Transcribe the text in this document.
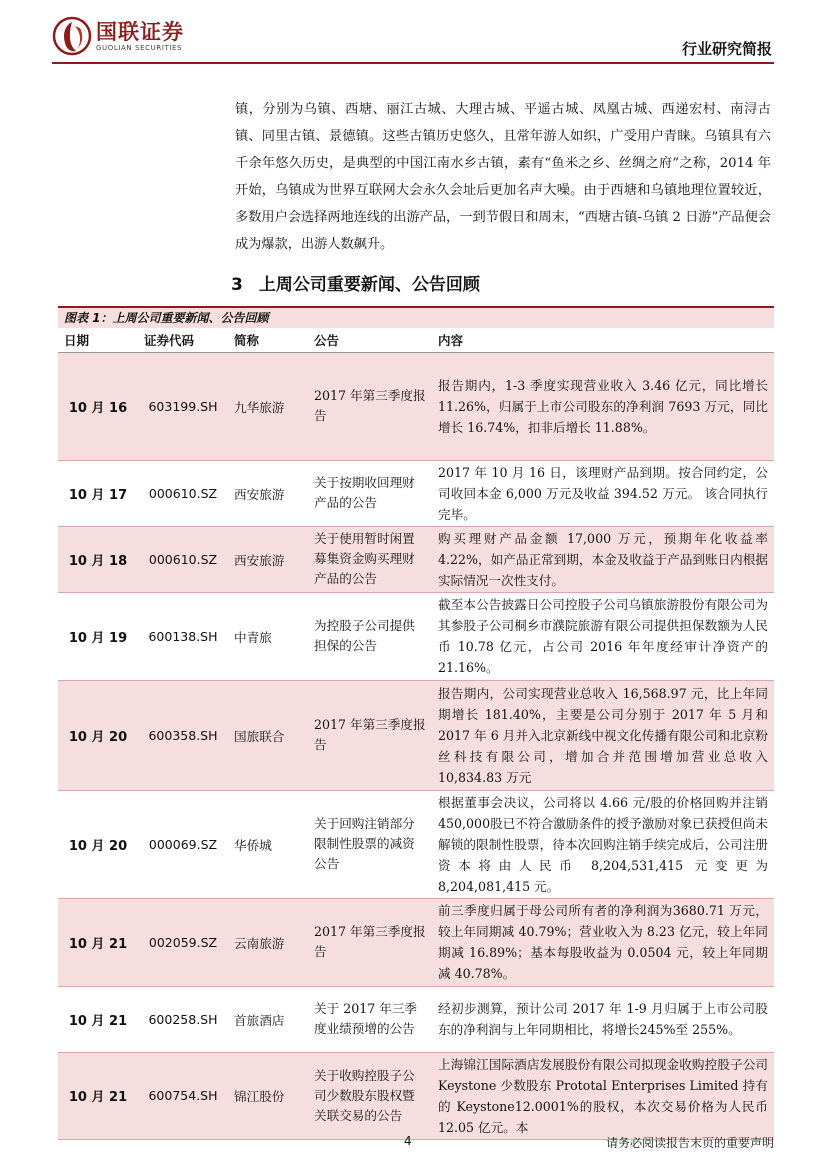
国联证券
GUOLIAN SECURITIES	行业研究简报

镇，分别为乌镇、西塘、丽江古城、大理古城、平遥古城、凤凰古城、西递宏村、南浔古镇、同里古镇、景德镇。这些古镇历史悠久，且常年游人如织，广受用户青睐。乌镇具有六千余年悠久历史，是典型的中国江南水乡古镇，素有“鱼米之乡、丝绸之府”之称，2014 年开始，乌镇成为世界互联网大会永久会址后更加名声大噪。由于西塘和乌镇地理位置较近，多数用户会选择两地连线的出游产品，一到节假日和周末，“西塘古镇-乌镇 2 日游”产品便会成为爆款，出游人数飙升。

3 上周公司重要新闻、公告回顾
图表 1：上周公司重要新闻、公告回顾
日期	证券代码	简称	公告	内容
10 月 16	603199.SH	九华旅游	2017 年第三季度报告	报告期内，1-3 季度实现营业收入 3.46 亿元，同比增长 11.26%，归属于上市公司股东的净利润 7693 万元，同比增长 16.74%，扣非后增长 11.88%。
10 月 17	000610.SZ	西安旅游	关于按期收回理财产品的公告	2017 年 10 月 16 日，该理财产品到期。按合同约定，公司收回本金 6,000 万元及收益 394.52 万元。 该合同执行完毕。
10 月 18	000610.SZ	西安旅游	关于使用暂时闲置募集资金购买理财产品的公告	购买理财产品金额 17,000 万元，预期年化收益率 4.22%，如产品正常到期，本金及收益于产品到账日内根据实际情况一次性支付。
10 月 19	600138.SH	中青旅	为控股子公司提供担保的公告	截至本公告披露日公司控股子公司乌镇旅游股份有限公司为其参股子公司桐乡市濮院旅游有限公司提供担保数额为人民币 10.78 亿元，占公司 2016 年年度经审计净资产的 21.16%。
10 月 20	600358.SH	国旅联合	2017 年第三季度报告	报告期内，公司实现营业总收入 16,568.97 元，比上年同期增长 181.40%，主要是公司分别于 2017 年 5 月和 2017 年 6 月并入北京新线中视文化传播有限公司和北京粉丝科技有限公司，增加合并范围增加营业总收入 10,834.83 万元
10 月 20	000069.SZ	华侨城	关于回购注销部分限制性股票的减资公告	根据董事会决议，公司将以 4.66 元/股的价格回购并注销450,000股已不符合激励条件的授予激励对象已获授但尚未解锁的限制性股票，待本次回购注销手续完成后，公司注册资本将由人民币 8,204,531,415 元变更为 8,204,081,415 元。
10 月 21	002059.SZ	云南旅游	2017 年第三季度报告	前三季度归属于母公司所有者的净利润为3680.71 万元，较上年同期减 40.79%；营业收入为 8.23 亿元，较上年同期减 16.89%；基本每股收益为 0.0504 元，较上年同期减 40.78%。
10 月 21	600258.SH	首旅酒店	关于 2017 年三季度业绩预增的公告	经初步测算，预计公司 2017 年 1-9 月归属于上市公司股东的净利润与上年同期相比，将增长245%至 255%。
10 月 21	600754.SH	锦江股份	关于收购控股子公司少数股东股权暨关联交易的公告	上海锦江国际酒店发展股份有限公司拟现金收购控股子公司 Keystone 少数股东 Prototal Enterprises Limited 持有的 Keystone12.0001%的股权，本次交易价格为人民币 12.05 亿元。本
4	请务必阅读报告末页的重要声明
